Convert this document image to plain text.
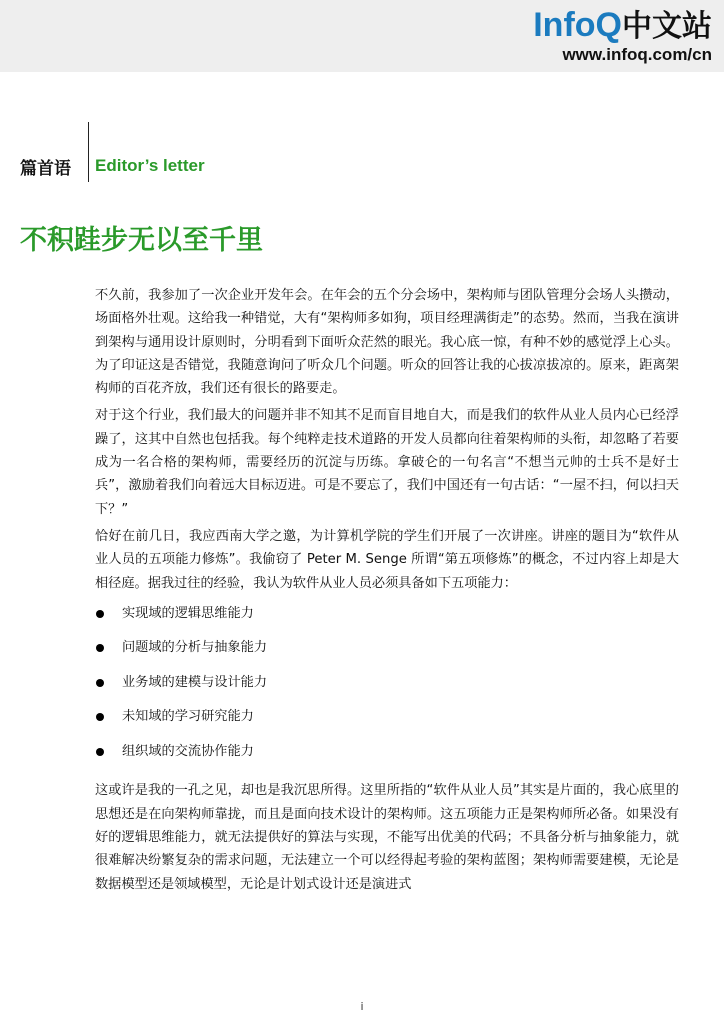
InfoQ中文站
www.infoq.com/cn
篇首语 Editor’s letter
不积跬步无以至千里

不久前，我参加了一次企业开发年会。在年会的五个分会场中，架构师与团队管理分会场人头攒动，场面格外壮观。这给我一种错觉，大有“架构师多如狗，项目经理满街走”的态势。然而，当我在演讲到架构与通用设计原则时，分明看到下面听众茫然的眼光。我心底一惊，有种不妙的感觉浮上心头。为了印证这是否错觉，我随意询问了听众几个问题。听众的回答让我的心拔凉拔凉的。原来，距离架构师的百花齐放，我们还有很长的路要走。

对于这个行业，我们最大的问题并非不知其不足而盲目地自大，而是我们的软件从业人员内心已经浮躁了，这其中自然也包括我。每个纯粹走技术道路的开发人员都向往着架构师的头衔，却忽略了若要成为一名合格的架构师，需要经历的沉淀与历练。拿破仑的一句名言“不想当元帅的士兵不是好士兵”，激励着我们向着远大目标迈进。可是不要忘了，我们中国还有一句古话：“一屋不扫，何以扫天下？”

恰好在前几日，我应西南大学之邀，为计算机学院的学生们开展了一次讲座。讲座的题目为“软件从业人员的五项能力修炼”。我偷窃了 Peter M. Senge 所谓“第五项修炼”的概念，不过内容上却是大相径庭。据我过往的经验，我认为软件从业人员必须具备如下五项能力：

实现域的逻辑思维能力
问题域的分析与抽象能力
业务域的建模与设计能力
未知域的学习研究能力
组织域的交流协作能力

这或许是我的一孔之见，却也是我沉思所得。这里所指的“软件从业人员”其实是片面的，我心底里的思想还是在向架构师靠拢，而且是面向技术设计的架构师。这五项能力正是架构师所必备。如果没有好的逻辑思维能力，就无法提供好的算法与实现，不能写出优美的代码；不具备分析与抽象能力，就很难解决纷繁复杂的需求问题，无法建立一个可以经得起考验的架构蓝图；架构师需要建模，无论是数据模型还是领域模型，无论是计划式设计还是演进式

i
